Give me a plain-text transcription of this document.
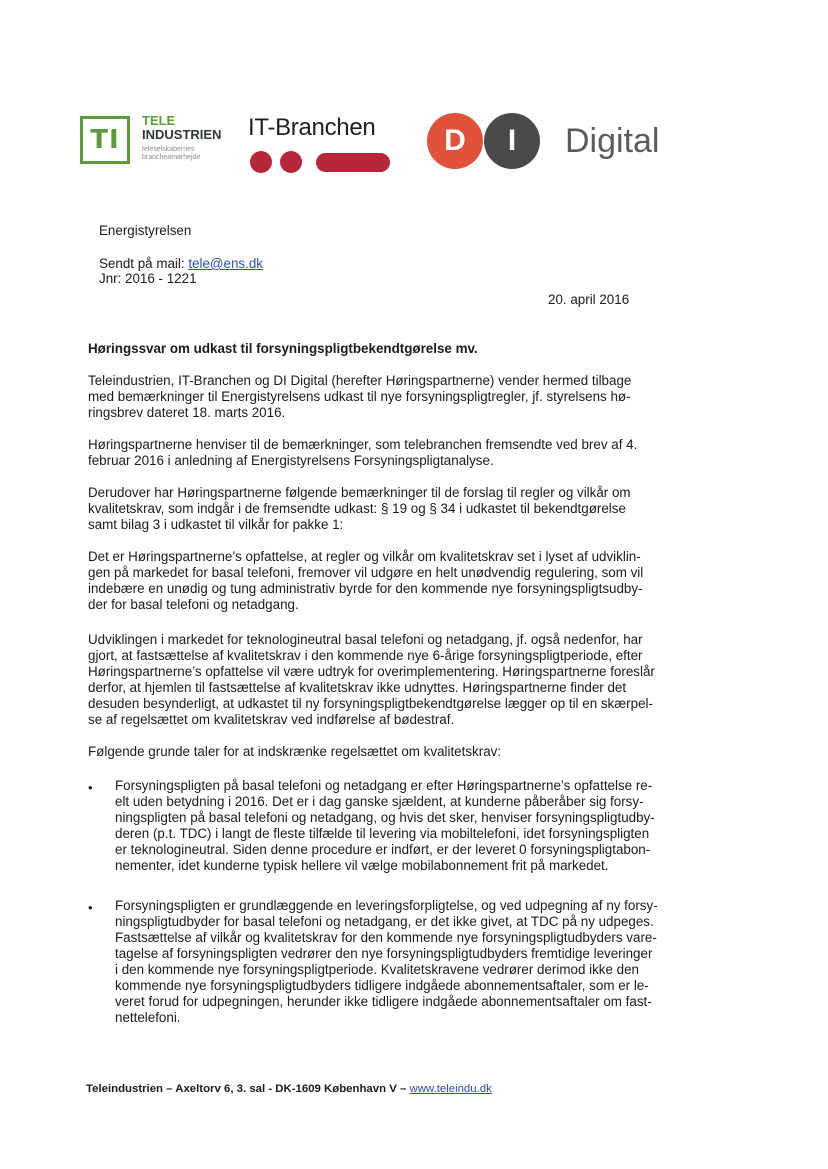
TI
TELE
INDUSTRIEN
teleselskabernes
brancheamarhejde
IT-Branchen	D	I	Digital
Energistyrelsen
Sendt på mail: tele@ens.dk
Jnr: 2016 - 1221
20. april 2016
Høringssvar om udkast til forsyningspligtbekendtgørelse mv.
Teleindustrien, IT-Branchen og DI Digital (herefter Høringspartnerne) vender hermed tilbage
med bemærkninger til Energistyrelsens udkast til nye forsyningspligtregler, jf. styrelsens hø-
ringsbrev dateret 18. marts 2016.
Høringspartnerne henviser til de bemærkninger, som telebranchen fremsendte ved brev af 4.
februar 2016 i anledning af Energistyrelsens Forsyningspligtanalyse.
Derudover har Høringspartnerne følgende bemærkninger til de forslag til regler og vilkår om
kvalitetskrav, som indgår i de fremsendte udkast: § 19 og § 34 i udkastet til bekendtgørelse
samt bilag 3 i udkastet til vilkår for pakke 1:
Det er Høringspartnerne’s opfattelse, at regler og vilkår om kvalitetskrav set i lyset af udviklin-
gen på markedet for basal telefoni, fremover vil udgøre en helt unødvendig regulering, som vil
indebære en unødig og tung administrativ byrde for den kommende nye forsyningspligtsudby-
der for basal telefoni og netadgang.
Udviklingen i markedet for teknologineutral basal telefoni og netadgang, jf. også nedenfor, har
gjort, at fastsættelse af kvalitetskrav i den kommende nye 6-årige forsyningspligtperiode, efter
Høringspartnerne’s opfattelse vil være udtryk for overimplementering. Høringspartnerne foreslår
derfor, at hjemlen til fastsættelse af kvalitetskrav ikke udnyttes. Høringspartnerne finder det
desuden besynderligt, at udkastet til ny forsyningspligtbekendtgørelse lægger op til en skærpel-
se af regelsættet om kvalitetskrav ved indførelse af bødestraf.
Følgende grunde taler for at indskrænke regelsættet om kvalitetskrav:
• Forsyningspligten på basal telefoni og netadgang er efter Høringspartnerne’s opfattelse re-
elt uden betydning i 2016. Det er i dag ganske sjældent, at kunderne påberåber sig forsy-
ningspligten på basal telefoni og netadgang, og hvis det sker, henviser forsyningspligtudby-
deren (p.t. TDC) i langt de fleste tilfælde til levering via mobiltelefoni, idet forsyningspligten
er teknologineutral. Siden denne procedure er indført, er der leveret 0 forsyningspligtabon-
nementer, idet kunderne typisk hellere vil vælge mobilabonnement frit på markedet.
• Forsyningspligten er grundlæggende en leveringsforpligtelse, og ved udpegning af ny forsy-
ningspligtudbyder for basal telefoni og netadgang, er det ikke givet, at TDC på ny udpeges.
Fastsættelse af vilkår og kvalitetskrav for den kommende nye forsyningspligtudbyders vare-
tagelse af forsyningspligten vedrører den nye forsyningspligtudbyders fremtidige leveringer
i den kommende nye forsyningspligtperiode. Kvalitetskravene vedrører derimod ikke den
kommende nye forsyningspligtudbyders tidligere indgåede abonnementsaftaler, som er le-
veret forud for udpegningen, herunder ikke tidligere indgåede abonnementsaftaler om fast-
nettelefoni.
Teleindustrien – Axeltorv 6, 3. sal - DK-1609 København V – www.teleindu.dk
